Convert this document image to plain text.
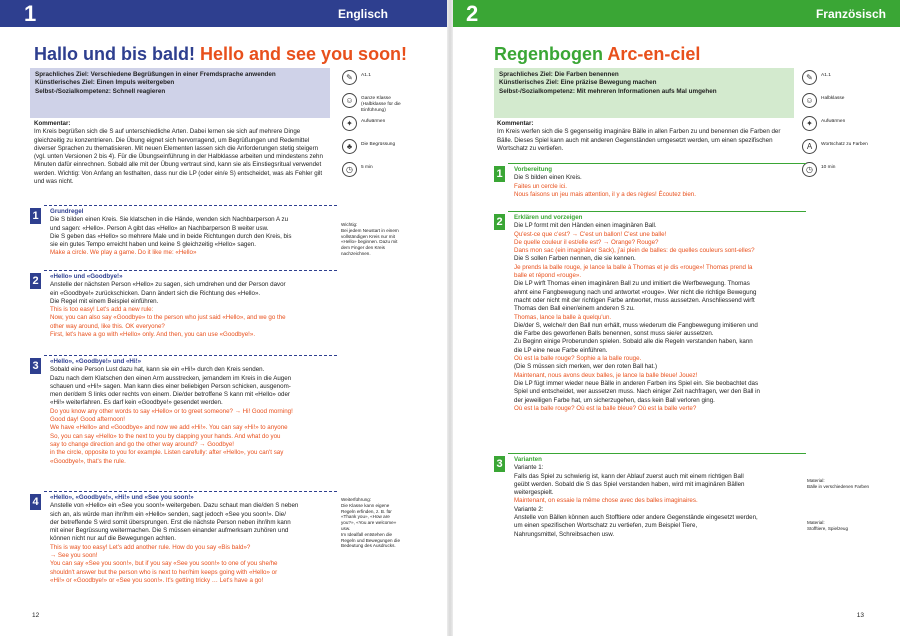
1	Englisch
Hallo und bis bald! Hello and see you soon!
Sprachliches Ziel: Verschiedene Begrüßungen in einer Fremdsprache anwenden
Künstlerisches Ziel: Einen Impuls weitergeben
Selbst-/Sozialkompetenz: Schnell reagieren
Kommentar:
Im Kreis begrüßen sich die S auf unterschiedliche Arten. Dabei lernen sie sich auf mehrere Dinge gleichzeitig zu konzentrieren. Die Übung eignet sich hervorragend, um Begrüßungen und Redemittel diverser Sprachen zu thematisieren. Mit neuen Elementen lassen sich die Anforderungen stetig steigern (vgl. unten Versionen 2 bis 4). Für die Übungseinführung in der Halbklasse arbeiten und mindestens zehn Minuten dafür einrechnen. Sobald alle mit der Übung vertraut sind, kann sie als Einstiegsritual verwendet werden. Wichtig: Von Anfang an festhalten, dass nur die LP (oder ein/e S) entscheidet, was als Fehler gilt und was nicht.
✎	A1.1
☺	Ganze Klasse (Halbklasse für die Einführung)
✦	Aufwärmen
♣	Die Begrüssung
◷	5 min
1	Grundregel
Die S bilden einen Kreis. Sie klatschen in die Hände, wenden sich Nachbarperson A zu
und sagen: «Hello». Person A gibt das «Hello» an Nachbarperson B weiter usw.
Die S geben das «Hello» so mehrere Male und in beide Richtungen durch den Kreis, bis
sie ein gutes Tempo erreicht haben und keine S gleichzeitig «Hello» sagen.
Make a circle. We play a game. Do it like me: «Hello»
2	«Hello» und «Goodbye!»
Anstelle der nächsten Person «Hello» zu sagen, sich umdrehen und der Person davor
ein «Goodbye!» zurückschicken. Dann ändert sich die Richtung des «Hello».
Die Regel mit einem Beispiel einführen.
This is too easy! Let's add a new rule:
Now, you can also say «Goodbye» to the person who just said «Hello», and we go the
other way around, like this. OK everyone?
First, let's have a go with «Hello» only. And then, you can use «Goodbye!».
3	«Hello», «Goodbye!» und «Hi!»
Sobald eine Person Lust dazu hat, kann sie ein «Hi!» durch den Kreis senden.
Dazu nach dem Klatschen den einen Arm ausstrecken, jemandem im Kreis in die Augen
schauen und «Hi!» sagen. Man kann dies einer beliebigen Person schicken, ausgenom-
men der/dem S links oder rechts von einem. Die/der betroffene S kann mit «Hello» oder
«Hi!» weiterfahren. Es darf kein «Goodbye!» gesendet werden.
Do you know any other words to say «Hello» or to greet someone? → Hi! Good morning!
Good day! Good afternoon!
We have «Hello» and «Goodbye» and now we add «Hi!». You can say «Hi!» to anyone
So, you can say «Hello» to the next to you by clapping your hands. And what do you
say to change direction and go the other way around? → Goodbye!
in the circle, opposite to you for example. Listen carefully: after «Hello», you can't say
«Goodbye!», that's the rule.
4	«Hello», «Goodbye!», «Hi!» und «See you soon!»
Anstelle von «Hello» ein «See you soon!» weitergeben. Dazu schaut man die/den S neben
sich an, als würde man ihr/ihm ein «Hello» senden, sagt jedoch «See you soon!». Die/
der betreffende S wird somit übersprungen. Erst die nächste Person neben ihr/ihm kann
mit einer Begrüssung weitermachen. Die S müssen einander aufmerksam zuhören und
können nicht nur auf die Bewegungen achten.
This is way too easy! Let's add another rule. How do you say «Bis bald»?
→ See you soon!
You can say «See you soon!», but if you say «See you soon!» to one of you she/he
shouldn't answer but the person who is next to her/him keeps going with «Hello» or
«Hi!» or «Goodbye!» or «See you soon!». It's getting tricky … Let's have a go!
Wichtig:
Bei jedem Neustart in einem vollständigen Kreis nur mit «Hello» beginnen. Dazu mit dem Finger den Kreis nachzeichnen.
Weiterführung:
Die Klasse kann eigene Regeln erfinden, z. B. für «Thank you», «How are you?», «You are welcome» usw.
Im Idealfall entstehen die Regeln und Bewegungen die Bedeutung des Ausdrucks.
12
2	Französisch
Regenbogen Arc-en-ciel
Sprachliches Ziel: Die Farben benennen
Künstlerisches Ziel: Eine präzise Bewegung machen
Selbst-/Sozialkompetenz: Mit mehreren Informationen aufs Mal umgehen
Kommentar:
Im Kreis werfen sich die S gegenseitig imaginäre Bälle in allen Farben zu und benennen die Farben der Bälle. Dieses Spiel kann auch mit anderen Gegenständen umgesetzt werden, um einen spezifischen Wortschatz zu vertiefen.
✎	A1.1
☺	Halbklasse
✦	Aufwärmen
A	Wortschatz zu Farben
◷	10 min
1	Vorbereitung
Die S bilden einen Kreis.
Faites un cercle ici.
Nous faisons un jeu mais attention, il y a des règles! Écoutez bien.
2	Erklären und vorzeigen
Die LP formt mit den Händen einen imaginären Ball.
Qu'est-ce que c'est? → C'est un ballon! C'est une balle!
De quelle couleur il est/elle est? → Orange? Rouge?
Dans mon sac (ein imaginärer Sack), j'ai plein de balles: de quelles couleurs sont-elles?
Die S sollen Farben nennen, die sie kennen.
Je prends la balle rouge, je lance la balle à Thomas et je dis «rouge»! Thomas prend la
balle et répond «rouge».
Die LP wirft Thomas einen imaginären Ball zu und imitiert die Werfbewegung. Thomas
ahmt eine Fangbewegung nach und antwortet «rouge». Wer nicht die richtige Bewegung
macht oder nicht mit der richtigen Farbe antwortet, muss aussetzen. Anschliessend wirft
Thomas den Ball einer/einem anderen S zu.
Thomas, lance la balle à quelqu'un.
Die/der S, welche/r den Ball nun erhält, muss wiederum die Fangbewegung imitieren und
die Farbe des geworfenen Balls benennen, sonst muss sie/er aussetzen.
Zu Beginn einige Proberunden spielen. Sobald alle die Regeln verstanden haben, kann
die LP eine neue Farbe einführen.
Où est la balle rouge? Sophie a la balle rouge.
(Die S müssen sich merken, wer den roten Ball hat.)
Maintenant, nous avons deux balles, je lance la balle bleue! Jouez!
Die LP fügt immer wieder neue Bälle in anderen Farben ins Spiel ein. Sie beobachtet das
Spiel und entscheidet, wer aussetzen muss. Nach einiger Zeit nachfragen, wer den Ball in
der jeweiligen Farbe hat, um sicherzugehen, dass kein Ball verloren ging.
Où est la balle rouge? Où est la balle bleue? Où est la balle verte?
3	Varianten
Variante 1:
Falls das Spiel zu schwierig ist, kann der Ablauf zuerst auch mit einem richtigen Ball
geübt werden. Sobald die S das Spiel verstanden haben, wird mit imaginären Bällen
weitergespielt.
Maintenant, on essaie la même chose avec des balles imaginaires.
Variante 2:
Anstelle von Bällen können auch Stofftiere oder andere Gegenstände eingesetzt werden,
um einen spezifischen Wortschatz zu vertiefen, zum Beispiel Tiere,
Nahrungsmittel, Schreibsachen usw.
Material:
Bälle in verschiedenen Farben
Material:
Stofftiere, Spielzeug
13
